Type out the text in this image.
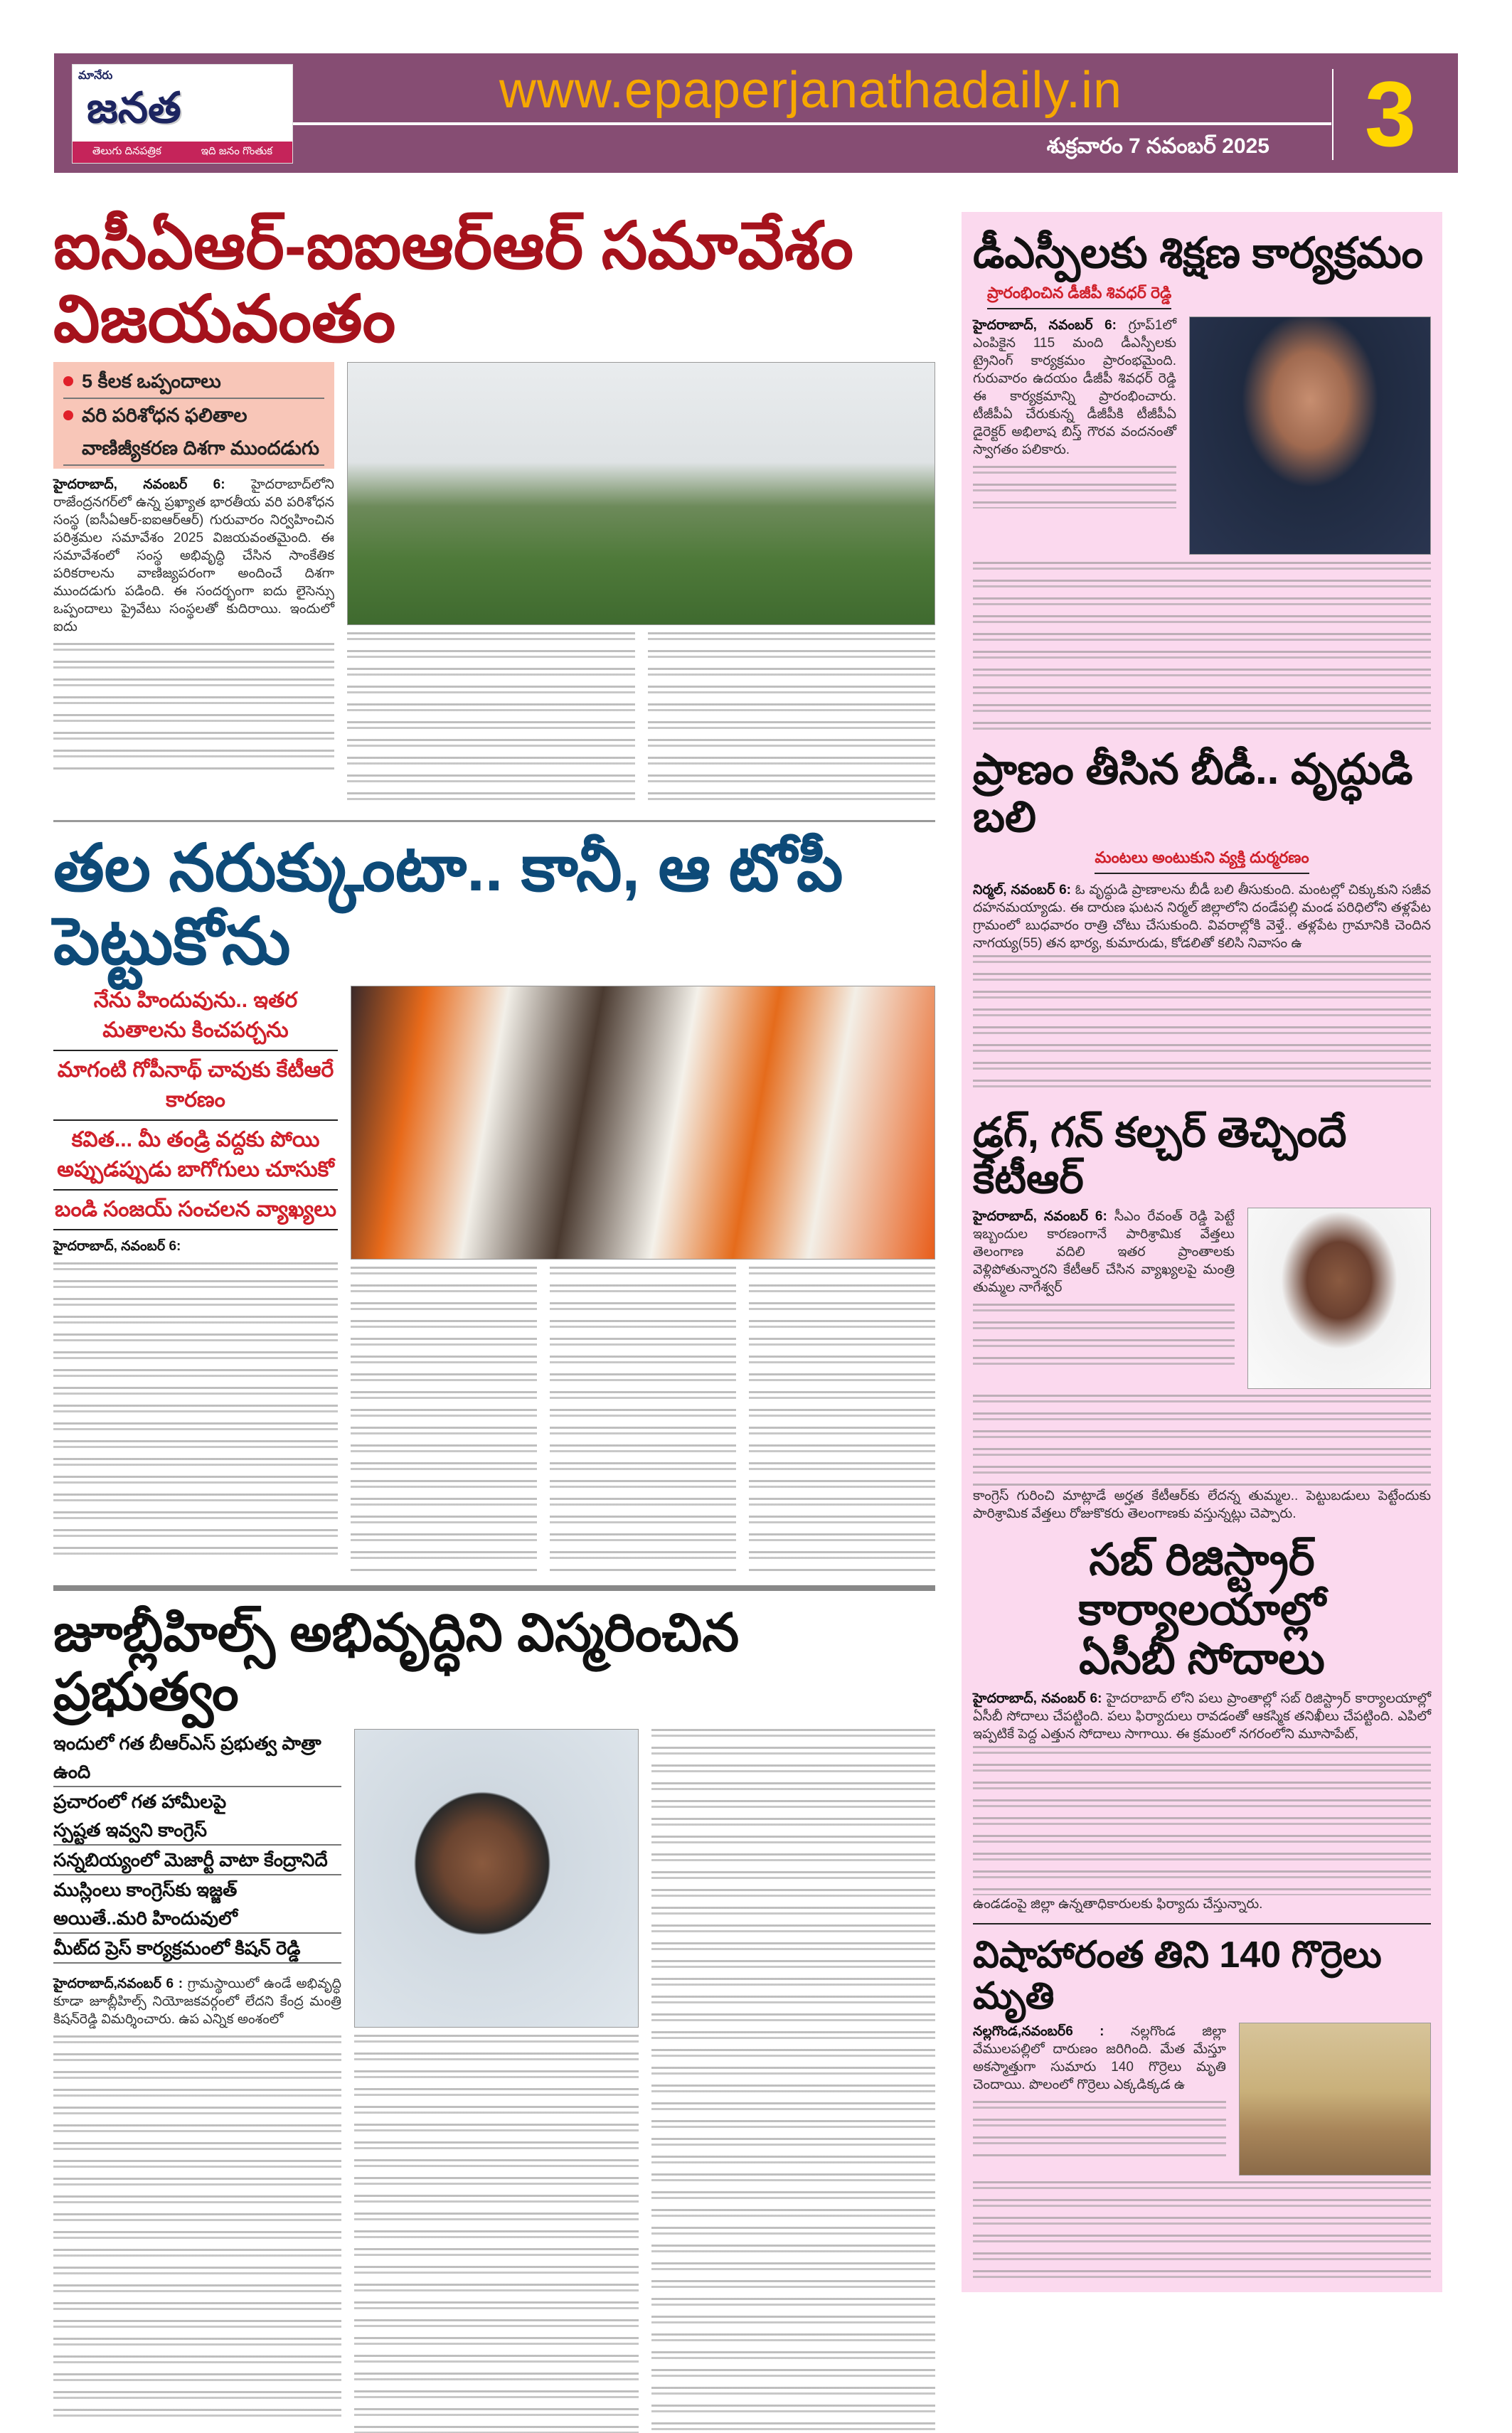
మానేరు
జనత
తెలుగు దినపత్రిక	ఇది జనం గొంతుక
www.epaperjanathadaily.in
శుక్రవారం 7 నవంబర్ 2025 3
ఐసీఏఆర్-ఐఐఆర్ఆర్ సమావేశం విజయవంతం
5 కీలక ఒప్పందాలు
వరి పరిశోధన ఫలితాల
వాణిజ్యీకరణ దిశగా ముందడుగు
హైదరాబాద్, నవంబర్ 6: హైదరాబాద్‌లోని రాజేంద్రనగర్‌లో ఉన్న ప్రఖ్యాత భారతీయ వరి పరిశోధన సంస్థ (ఐసీఏఆర్-ఐఐఆర్ఆర్) గురువారం నిర్వహించిన పరిశ్రమల సమావేశం 2025 విజయవంతమైంది. ఈ సమావేశంలో సంస్థ అభివృద్ధి చేసిన సాంకేతిక పరికరాలను వాణిజ్యపరంగా అందించే దిశగా ముందడుగు పడింది. ఈ సందర్భంగా ఐదు లైసెన్సు ఒప్పందాలు ప్రైవేటు సంస్థలతో కుదిరాయి. ఇందులో ఐదు
తల నరుక్కుంటా.. కానీ, ఆ టోపీ పెట్టుకోను
నేను హిందువును.. ఇతర మతాలను కించపర్చను
మాగంటి గోపీనాథ్ చావుకు కేటీఆరే కారణం
కవిత... మీ తండ్రి వద్దకు పోయి అప్పుడప్పుడు బాగోగులు చూసుకో
బండి సంజయ్ సంచలన వ్యాఖ్యలు
హైదరాబాద్, నవంబర్ 6:
జూబ్లీహిల్స్ అభివృద్ధిని విస్మరించిన ప్రభుత్వం
ఇందులో గత బీఆర్ఎస్ ప్రభుత్వ పాత్రా ఉంది
ప్రచారంలో గత హామీలపై
స్పష్టత ఇవ్వని కాంగ్రెస్
సన్నబియ్యంలో మెజార్టీ వాటా కేంద్రానిదే
ముస్లింలు కాంగ్రెస్‌కు ఇజ్జత్
అయితే..మరి హిందువులో
మీట్‌ద ప్రెస్ కార్యక్రమంలో కిషన్ రెడ్డి
హైదరాబాద్,నవంబర్ 6 : గ్రామస్థాయిలో ఉండే అభివృద్ధి కూడా జూబ్లీహిల్స్ నియోజకవర్గంలో లేదని కేంద్ర మంత్రి కిషన్‌రెడ్డి విమర్శించారు. ఉప ఎన్నిక అంశంలో
డీఎస్పీలకు శిక్షణ కార్యక్రమం
ప్రారంభించిన డీజీపీ శివధర్ రెడ్డి
హైదరాబాద్, నవంబర్ 6: గ్రూప్‌1లో ఎంపికైన 115 మంది డీఎస్పీలకు ట్రైనింగ్ కార్యక్రమం ప్రారంభమైంది. గురువారం ఉదయం డీజీపీ శివధర్ రెడ్డి ఈ కార్యక్రమాన్ని ప్రారంభించారు. టీజీపీఏ చేరుకున్న డీజీపీకి టీజీపీఏ డైరెక్టర్ అభిలాష బిస్త్ గౌరవ వందనంతో స్వాగతం పలికారు.
ప్రాణం తీసిన బీడీ.. వృద్ధుడి బలి
మంటలు అంటుకుని వ్యక్తి దుర్మరణం
నిర్మల్, నవంబర్ 6: ఓ వృద్ధుడి ప్రాణాలను బీడీ బలి తీసుకుంది. మంటల్లో చిక్కుకుని సజీవ దహనమయ్యాడు. ఈ దారుణ ఘటన నిర్మల్ జిల్లాలోని దండేపల్లి మండ పరిధిలోని తళ్లపేట గ్రామంలో బుధవారం రాత్రి చోటు చేసుకుంది. వివరాల్లోకి వెళ్తే.. తళ్లపేట గ్రామానికి చెందిన నాగయ్య(55) తన భార్య, కుమారుడు, కోడలితో కలిసి నివాసం ఉ
డ్రగ్, గన్ కల్చర్ తెచ్చిందే కేటీఆర్
హైదరాబాద్, నవంబర్ 6: సీఎం రేవంత్ రెడ్డి పెట్టే ఇబ్బందుల కారణంగానే పారిశ్రామిక వేత్తలు తెలంగాణ వదిలి ఇతర ప్రాంతాలకు వెళ్లిపోతున్నారని కేటీఆర్ చేసిన వ్యాఖ్యలపై మంత్రి తుమ్మల నాగేశ్వర్
కాంగ్రెస్ గురించి మాట్లాడే అర్హత కేటీఆర్‌కు లేదన్న తుమ్మల.. పెట్టుబడులు పెట్టేందుకు పారిశ్రామిక వేత్తలు రోజుకొకరు తెలంగాణకు వస్తున్నట్లు చెప్పారు.
సబ్ రిజిస్ట్రార్ కార్యాలయాల్లో
ఏసీబీ సోదాలు
హైదరాబాద్, నవంబర్ 6: హైదరాబాద్ లోని పలు ప్రాంతాల్లో సబ్ రిజిస్ట్రార్ కార్యాలయాల్లో ఏసీబీ సోదాలు చేపట్టింది. పలు ఫిర్యాదులు రావడంతో ఆకస్మిక తనిఖీలు చేపట్టింది. ఎపిలో ఇప్పటికే పెద్ద ఎత్తున సోదాలు సాగాయి. ఈ క్రమంలో నగరంలోని మూసాపేట్,
ఉండడంపై జిల్లా ఉన్నతాధికారులకు ఫిర్యాదు చేస్తున్నారు.
విషాహారంత తిని 140 గొర్రెలు మృతి
నల్లగొండ,నవంబర్6 : నల్లగొండ జిల్లా వేములపల్లిలో దారుణం జరిగింది. మేత మేస్తూ అకస్మాత్తుగా సుమారు 140 గొర్రెలు మృతి చెందాయి. పొలంలో గొర్రెలు ఎక్కడిక్కడ ఉ
